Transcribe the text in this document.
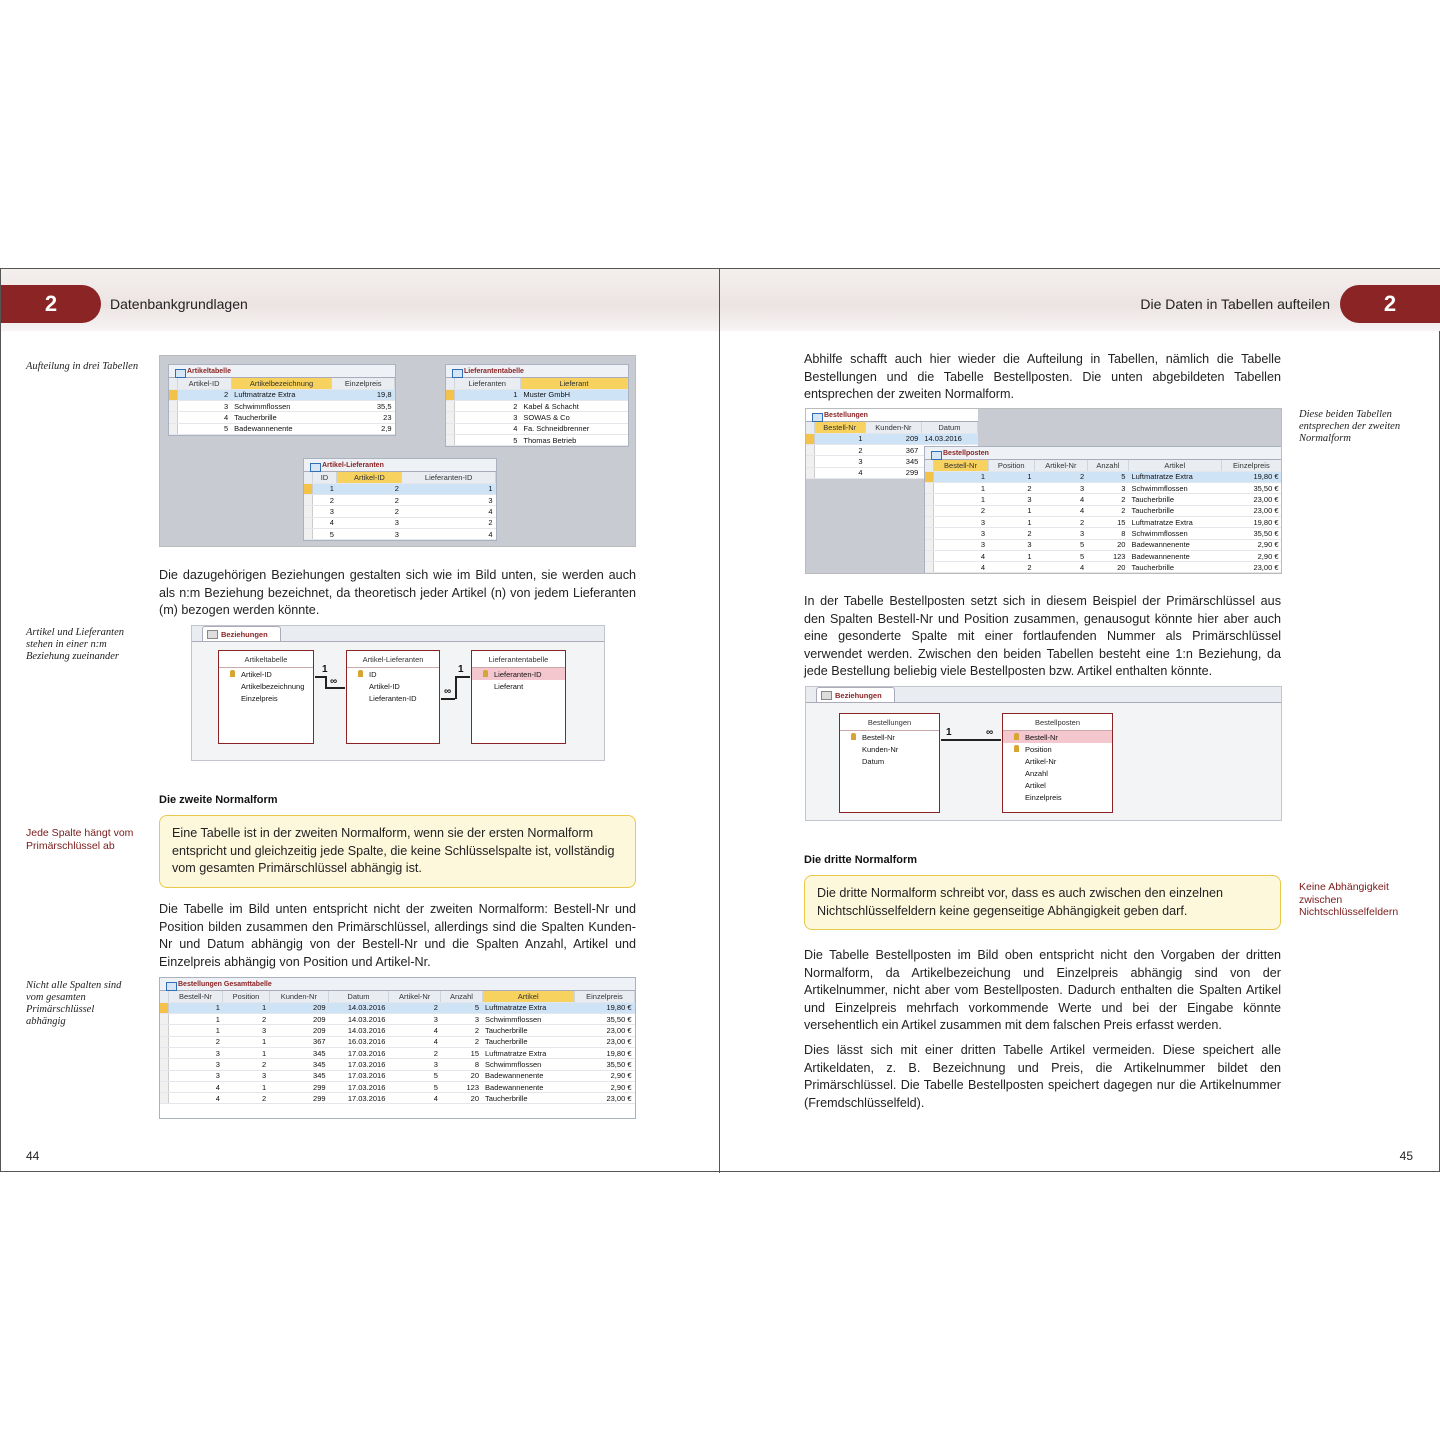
2	Datenbankgrundlagen
Aufteilung in drei Tabellen	Artikeltabelle
	Artikel-ID	Artikelbezeichnung	Einzelpreis
	2	Luftmatratze Extra	19,8
	3	Schwimmflossen	35,5
	4	Taucherbrille	23
	5	Badewannenente	2,9
Lieferantentabelle
	Lieferanten	Lieferant
	1	Muster GmbH
	2	Kabel & Schacht
	3	SOWAS & Co
	4	Fa. Schneidbrenner
	5	Thomas Betrieb
Artikel-Lieferanten
	ID	Artikel-ID	Lieferanten-ID
	1	2	1
	2	2	3
	3	2	4
	4	3	2
	5	3	4
Die dazugehörigen Beziehungen gestalten sich wie im Bild unten, sie werden auch als n:m Beziehung bezeichnet, da theoretisch jeder Artikel (n) von jedem Lieferanten (m) bezogen werden könnte.
Artikel und Lieferanten stehen in einer n:m Beziehung zueinander
Beziehungen
Artikeltabelle
Artikel-ID
Artikelbezeichnung
Einzelpreis
Artikel-Lieferanten
ID
Artikel-ID
Lieferanten-ID
Lieferantentabelle
Lieferanten-ID
Lieferant
1
∞
∞
1
Die zweite Normalform
Jede Spalte hängt vom Primärschlüssel ab
Eine Tabelle ist in der zweiten Normalform, wenn sie der ersten Normalform entspricht und gleichzeitig jede Spalte, die keine Schlüsselspalte ist, vollständig vom gesamten Primärschlüssel abhängig ist.
Die Tabelle im Bild unten entspricht nicht der zweiten Normalform: Bestell-Nr und Position bilden zusammen den Primärschlüssel, allerdings sind die Spalten Kunden-Nr und Datum abhängig von der Bestell-Nr und die Spalten Anzahl, Artikel und Einzelpreis abhängig von Position und Artikel-Nr.
Nicht alle Spalten sind vom gesamten Primärschlüssel abhängig
Bestellungen Gesamttabelle
	Bestell-Nr	Position	Kunden-Nr	Datum	Artikel-Nr	Anzahl	Artikel	Einzelpreis
	1	1	209	14.03.2016	2	5	Luftmatratze Extra	19,80 €
	1	2	209	14.03.2016	3	3	Schwimmflossen	35,50 €
	1	3	209	14.03.2016	4	2	Taucherbrille	23,00 €
	2	1	367	16.03.2016	4	2	Taucherbrille	23,00 €
	3	1	345	17.03.2016	2	15	Luftmatratze Extra	19,80 €
	3	2	345	17.03.2016	3	8	Schwimmflossen	35,50 €
	3	3	345	17.03.2016	5	20	Badewannenente	2,90 €
	4	1	299	17.03.2016	5	123	Badewannenente	2,90 €
	4	2	299	17.03.2016	4	20	Taucherbrille	23,00 €
44
Die Daten in Tabellen aufteilen	2
Abhilfe schafft auch hier wieder die Aufteilung in Tabellen, nämlich die Tabelle Bestellungen und die Tabelle Bestellposten. Die unten abgebildeten Tabellen entsprechen der zweiten Normalform.
Diese beiden Tabellen entsprechen der zweiten Normalform
Bestellungen
	Bestell-Nr	Kunden-Nr	Datum
	1	209	14.03.2016
	2	367	
	3	345	
	4	299	
Bestellposten
	Bestell-Nr	Position	Artikel-Nr	Anzahl	Artikel	Einzelpreis
	1	1	2	5	Luftmatratze Extra	19,80 €
	1	2	3	3	Schwimmflossen	35,50 €
	1	3	4	2	Taucherbrille	23,00 €
	2	1	4	2	Taucherbrille	23,00 €
	3	1	2	15	Luftmatratze Extra	19,80 €
	3	2	3	8	Schwimmflossen	35,50 €
	3	3	5	20	Badewannenente	2,90 €
	4	1	5	123	Badewannenente	2,90 €
	4	2	4	20	Taucherbrille	23,00 €
In der Tabelle Bestellposten setzt sich in diesem Beispiel der Primärschlüssel aus den Spalten Bestell-Nr und Position zusammen, genausogut könnte hier aber auch eine gesonderte Spalte mit einer fortlaufenden Nummer als Primärschlüssel verwendet werden. Zwischen den beiden Tabellen besteht eine 1:n Beziehung, da jede Bestellung beliebig viele Bestellposten bzw. Artikel enthalten könnte.
Beziehungen
Bestellungen
Bestell-Nr
Kunden-Nr
Datum
Bestellposten
Bestell-Nr
Position
Artikel-Nr
Anzahl
Artikel
Einzelpreis
1	∞
Die dritte Normalform
Die dritte Normalform schreibt vor, dass es auch zwischen den einzelnen Nichtschlüsselfeldern keine gegenseitige Abhängigkeit geben darf.
Keine Abhängigkeit zwischen Nichtschlüsselfeldern
Die Tabelle Bestellposten im Bild oben entspricht nicht den Vorgaben der dritten Normalform, da Artikelbezeichung und Einzelpreis abhängig sind von der Artikelnummer, nicht aber vom Bestellposten. Dadurch enthalten die Spalten Artikel und Einzelpreis mehrfach vorkommende Werte und bei der Eingabe könnte versehentlich ein Artikel zusammen mit dem falschen Preis erfasst werden.
Dies lässt sich mit einer dritten Tabelle Artikel vermeiden. Diese speichert alle Artikeldaten, z. B. Bezeichnung und Preis, die Artikelnummer bildet den Primärschlüssel. Die Tabelle Bestellposten speichert dagegen nur die Artikelnummer (Fremdschlüsselfeld).
45
